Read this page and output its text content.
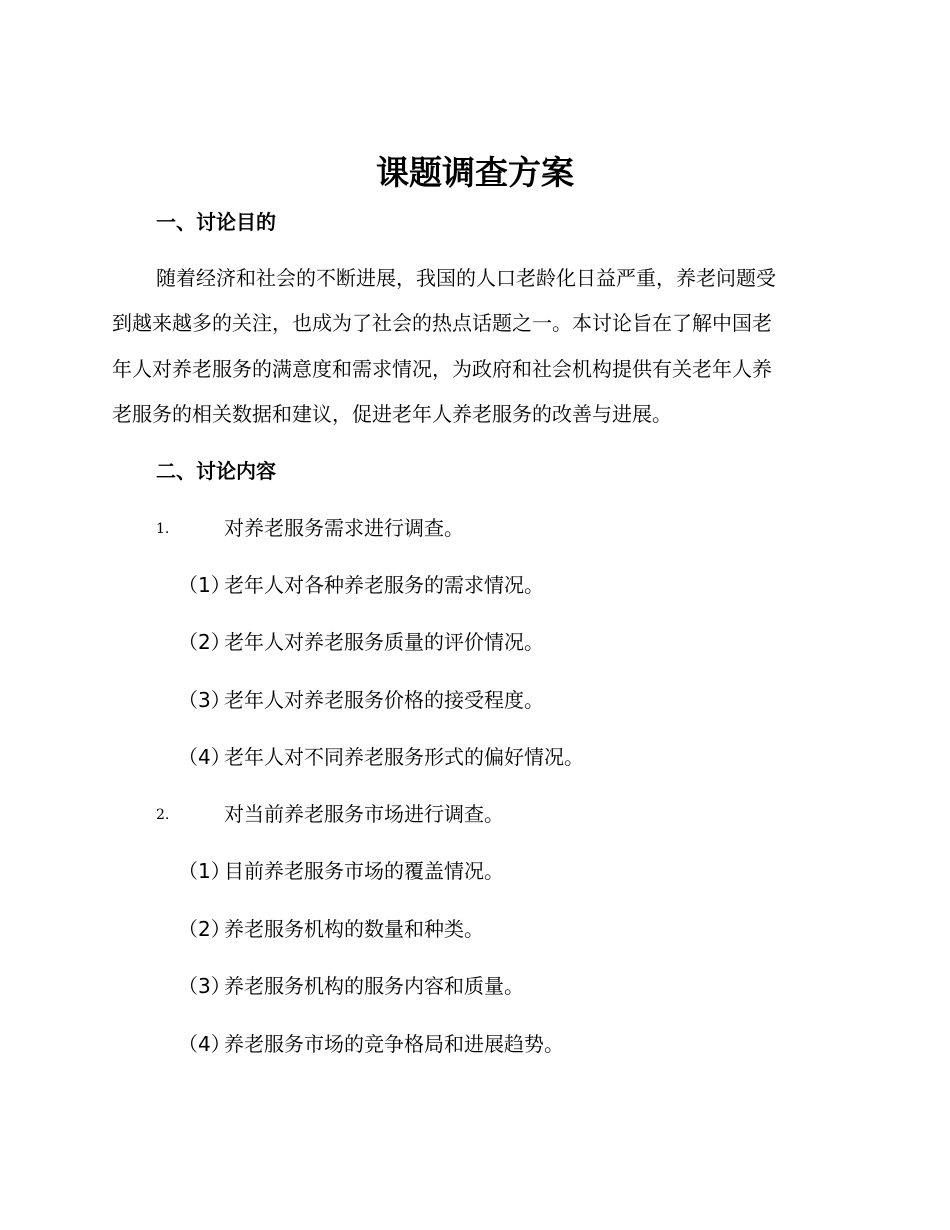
课题调查方案
一、讨论目的
随着经济和社会的不断进展，我国的人口老龄化日益严重，养老问题受
到越来越多的关注，也成为了社会的热点话题之一。本讨论旨在了解中国老
年人对养老服务的满意度和需求情况，为政府和社会机构提供有关老年人养
老服务的相关数据和建议，促进老年人养老服务的改善与进展。
二、讨论内容
1.	对养老服务需求进行调查。
（1）老年人对各种养老服务的需求情况。
（2）老年人对养老服务质量的评价情况。
（3）老年人对养老服务价格的接受程度。
（4）老年人对不同养老服务形式的偏好情况。
2.	对当前养老服务市场进行调查。
（1）目前养老服务市场的覆盖情况。
（2）养老服务机构的数量和种类。
（3）养老服务机构的服务内容和质量。
（4）养老服务市场的竞争格局和进展趋势。
